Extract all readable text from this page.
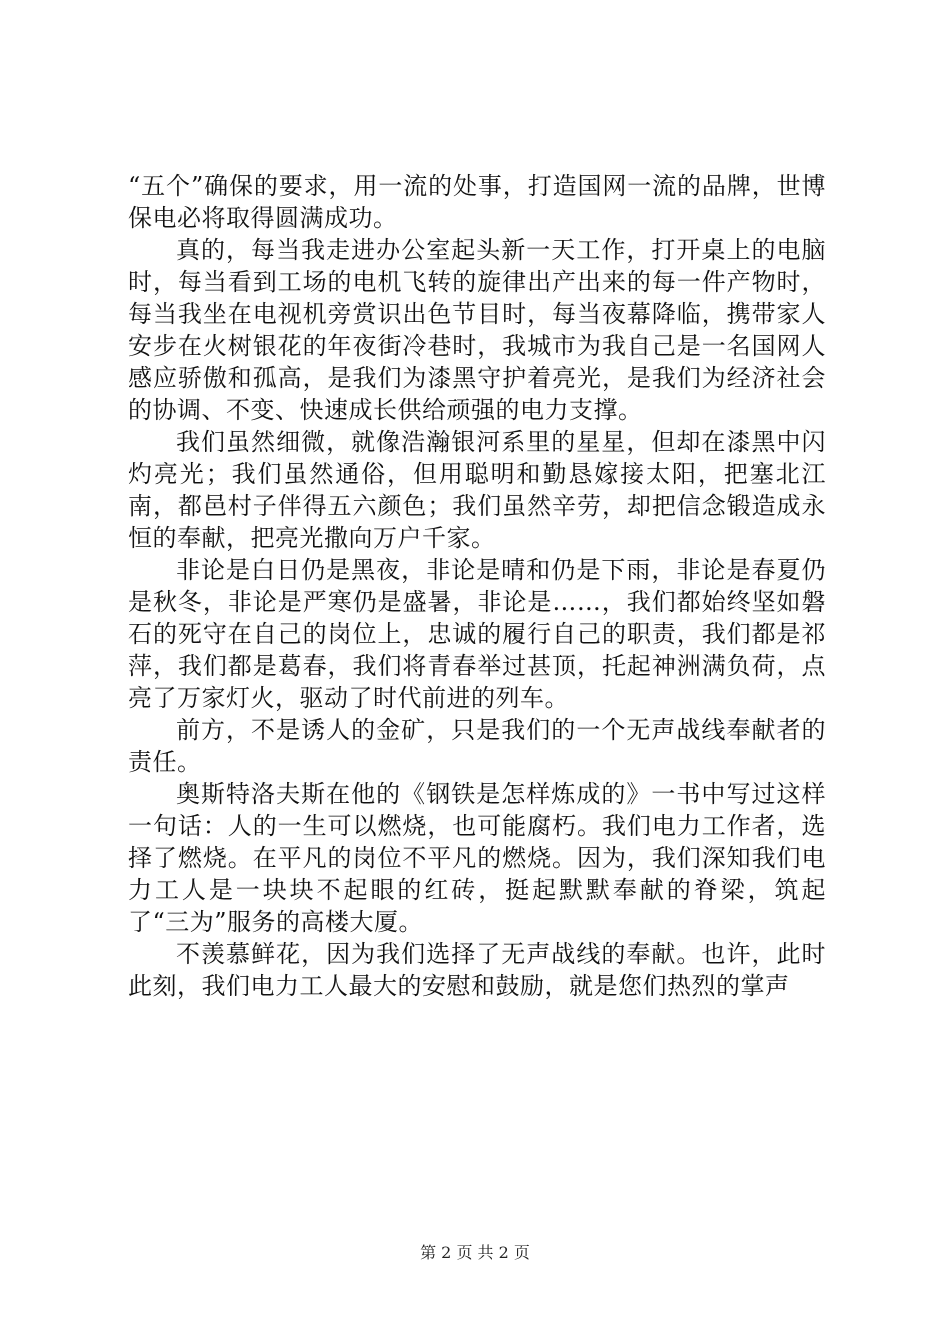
“五个”确保的要求，用一流的处事，打造国网一流的品牌，世博保电必将取得圆满成功。

真的，每当我走进办公室起头新一天工作，打开桌上的电脑时，每当看到工场的电机飞转的旋律出产出来的每一件产物时，每当我坐在电视机旁赏识出色节目时，每当夜幕降临，携带家人安步在火树银花的年夜街冷巷时，我城市为我自己是一名国网人感应骄傲和孤高，是我们为漆黑守护着亮光，是我们为经济社会的协调、不变、快速成长供给顽强的电力支撑。

我们虽然细微，就像浩瀚银河系里的星星，但却在漆黑中闪灼亮光；我们虽然通俗，但用聪明和勤恳嫁接太阳，把塞北江南，都邑村子伴得五六颜色；我们虽然辛劳，却把信念锻造成永恒的奉献，把亮光撒向万户千家。

非论是白日仍是黑夜，非论是晴和仍是下雨，非论是春夏仍是秋冬，非论是严寒仍是盛暑，非论是……，我们都始终坚如磐石的死守在自己的岗位上，忠诚的履行自己的职责，我们都是祁萍，我们都是葛春，我们将青春举过甚顶，托起神洲满负荷，点亮了万家灯火，驱动了时代前进的列车。

前方，不是诱人的金矿，只是我们的一个无声战线奉献者的责任。

奥斯特洛夫斯在他的《钢铁是怎样炼成的》一书中写过这样一句话：人的一生可以燃烧，也可能腐朽。我们电力工作者，选择了燃烧。在平凡的岗位不平凡的燃烧。因为，我们深知我们电力工人是一块块不起眼的红砖，挺起默默奉献的脊梁，筑起了“三为”服务的高楼大厦。

不羡慕鲜花，因为我们选择了无声战线的奉献。也许，此时此刻，我们电力工人最大的安慰和鼓励，就是您们热烈的掌声

第 2 页 共 2 页
